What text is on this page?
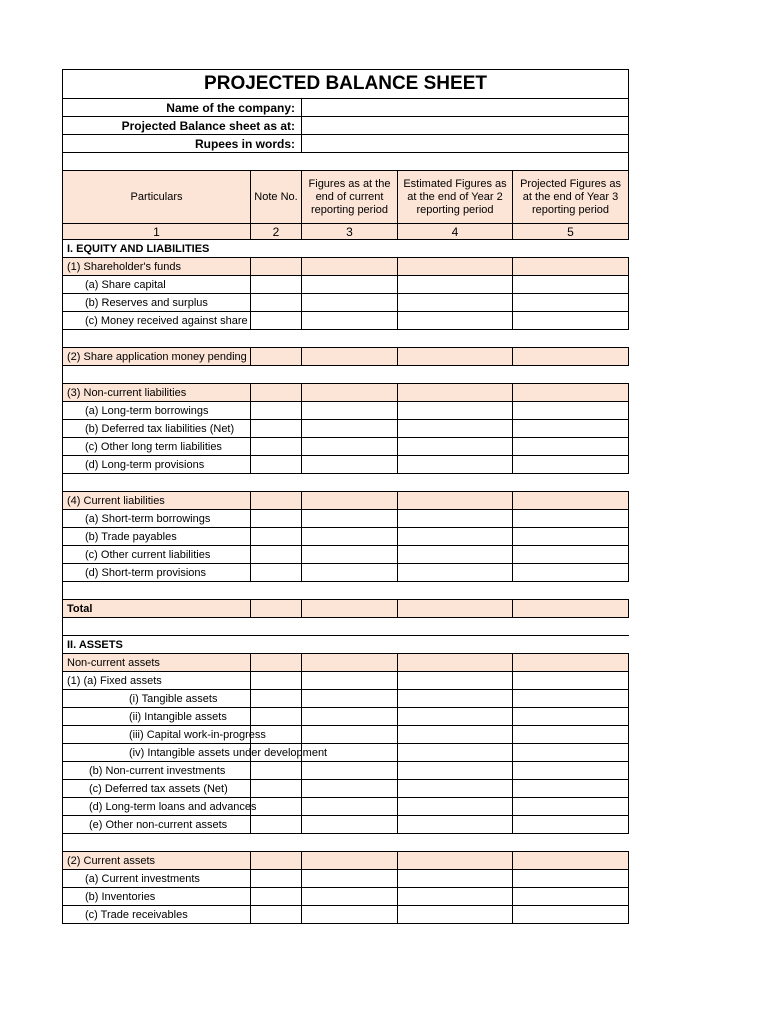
PROJECTED BALANCE SHEET				
Name of the company:				
Projected Balance sheet as at:				
Rupees in words:				

Particulars	Note No.	Figures as at the end of current reporting period	Estimated Figures as at the end of Year 2 reporting period	Projected Figures as at the end of Year 3 reporting period
1	2	3	4	5
I. EQUITY AND LIABILITIES				
(1) Shareholder's funds				
(a) Share capital				
(b) Reserves and surplus				
(c) Money received against share				

(2) Share application money pending				

(3) Non-current liabilities				
(a) Long-term borrowings				
(b) Deferred tax liabilities (Net)				
(c) Other long term liabilities				
(d) Long-term provisions				

(4) Current liabilities				
(a) Short-term borrowings				
(b) Trade payables				
(c) Other current liabilities				
(d) Short-term provisions				

Total				

II. ASSETS				
Non-current assets				
(1) (a) Fixed assets				
(i) Tangible assets				
(ii) Intangible assets				
(iii) Capital work-in-progress				
(iv) Intangible assets under development				
(b) Non-current investments				
(c) Deferred tax assets (Net)				
(d) Long-term loans and advances				
(e) Other non-current assets				

(2) Current assets				
(a) Current investments				
(b) Inventories				
(c) Trade receivables				
